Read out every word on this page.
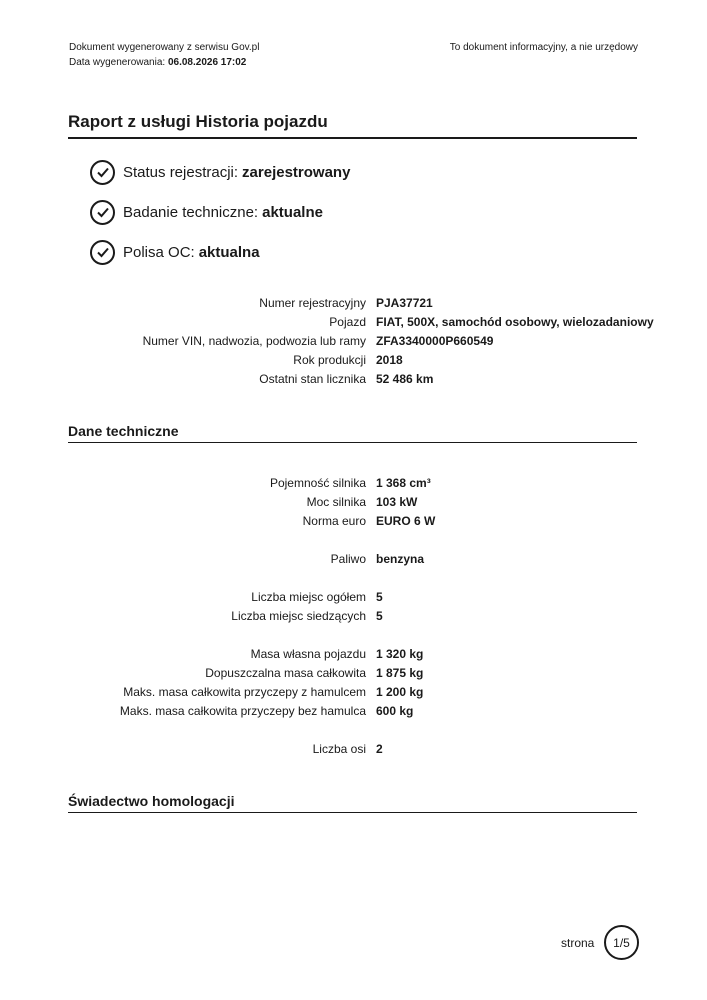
Dokument wygenerowany z serwisu Gov.pl
Data wygenerowania: 06.08.2026 17:02
To dokument informacyjny, a nie urzędowy
Raport z usługi Historia pojazdu
Status rejestracji: zarejestrowany
Badanie techniczne: aktualne
Polisa OC: aktualna
Numer rejestracyjny PJA37721
Pojazd FIAT, 500X, samochód osobowy, wielozadaniowy
Numer VIN, nadwozia, podwozia lub ramy ZFA3340000P660549
Rok produkcji 2018
Ostatni stan licznika 52 486 km
Dane techniczne
Pojemność silnika 1 368 cm³
Moc silnika 103 kW
Norma euro EURO 6 W
Paliwo benzyna
Liczba miejsc ogółem 5
Liczba miejsc siedzących 5
Masa własna pojazdu 1 320 kg
Dopuszczalna masa całkowita 1 875 kg
Maks. masa całkowita przyczepy z hamulcem 1 200 kg
Maks. masa całkowita przyczepy bez hamulca 600 kg
Liczba osi 2
Świadectwo homologacji
strona	1/5
